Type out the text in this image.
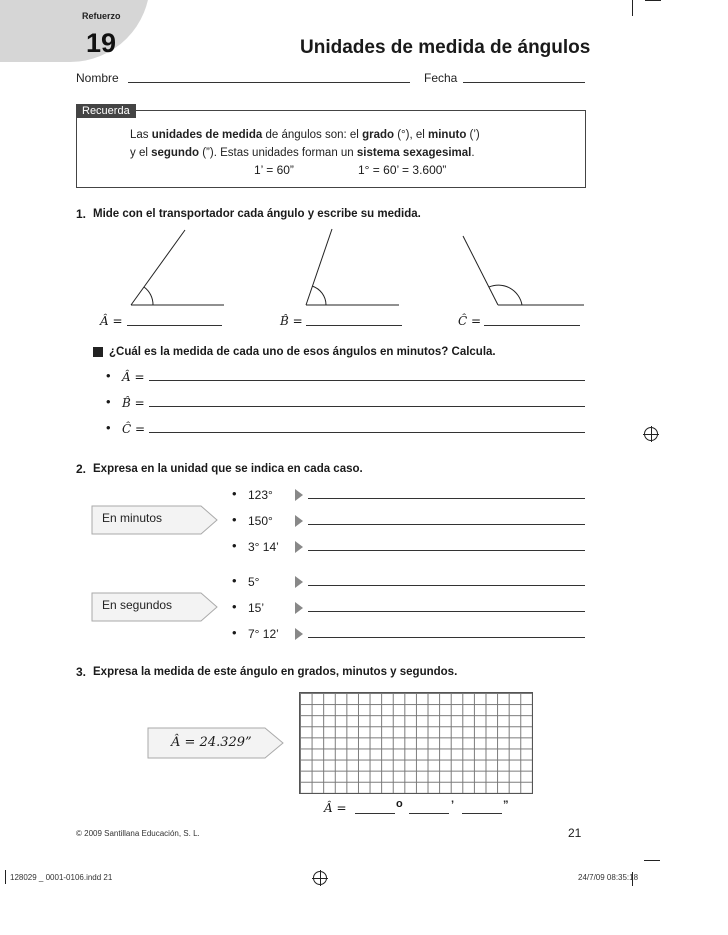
Refuerzo
19	Unidades de medida de ángulos
Nombre	Fecha
Recuerda
Las unidades de medida de ángulos son: el grado (°), el minuto (’)
y el segundo (”). Estas unidades forman un sistema sexagesimal.
1’ = 60”	1° = 60’ = 3.600”
1. Mide con el transportador cada ángulo y escribe su medida.
Â =	B̂ =	Ĉ =
¿Cuál es la medida de cada uno de esos ángulos en minutos? Calcula.
• Â =
• B̂ =
• Ĉ =
2. Expresa en la unidad que se indica en cada caso.
En minutos
• 123°
• 150°
• 3° 14’
En segundos
• 5°
• 15’
• 7° 12’
3. Expresa la medida de este ángulo en grados, minutos y segundos.
Â = 24.329”
Â =	o	’	”
© 2009 Santillana Educación, S. L.	21
128029 _ 0001-0106.indd 21	24/7/09 08:35:18
